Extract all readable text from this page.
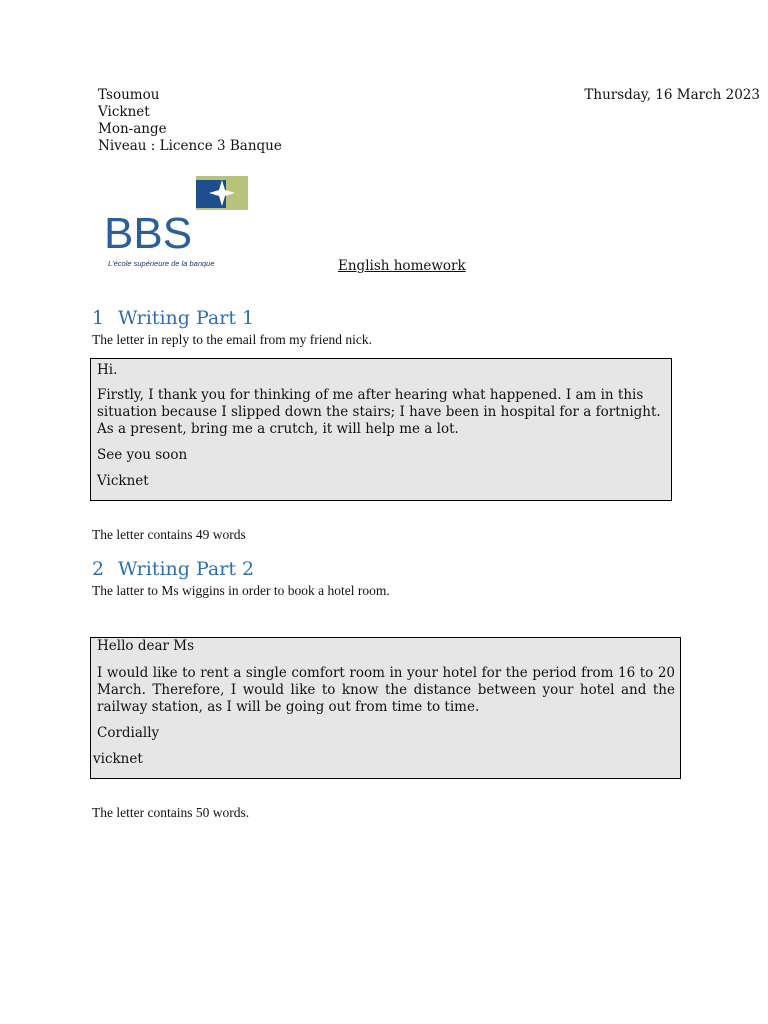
Tsoumou
Vicknet
Mon-ange
Niveau : Licence 3 Banque
Thursday, 16 March 2023
BBS
L'école supérieure de la banque	English homework
1 Writing Part 1
The letter in reply to the email from my friend nick.

Hi.

Firstly, I thank you for thinking of me after hearing what happened. I am in this situation because I slipped down the stairs; I have been in hospital for a fortnight. As a present, bring me a crutch, it will help me a lot.

See you soon

Vicknet

The letter contains 49 words
2 Writing Part 2
The latter to Ms wiggins in order to book a hotel room.

Hello dear Ms

I would like to rent a single comfort room in your hotel for the period from 16 to 20 March. Therefore, I would like to know the distance between your hotel and the railway station, as I will be going out from time to time.

Cordially

vicknet

The letter contains 50 words.
